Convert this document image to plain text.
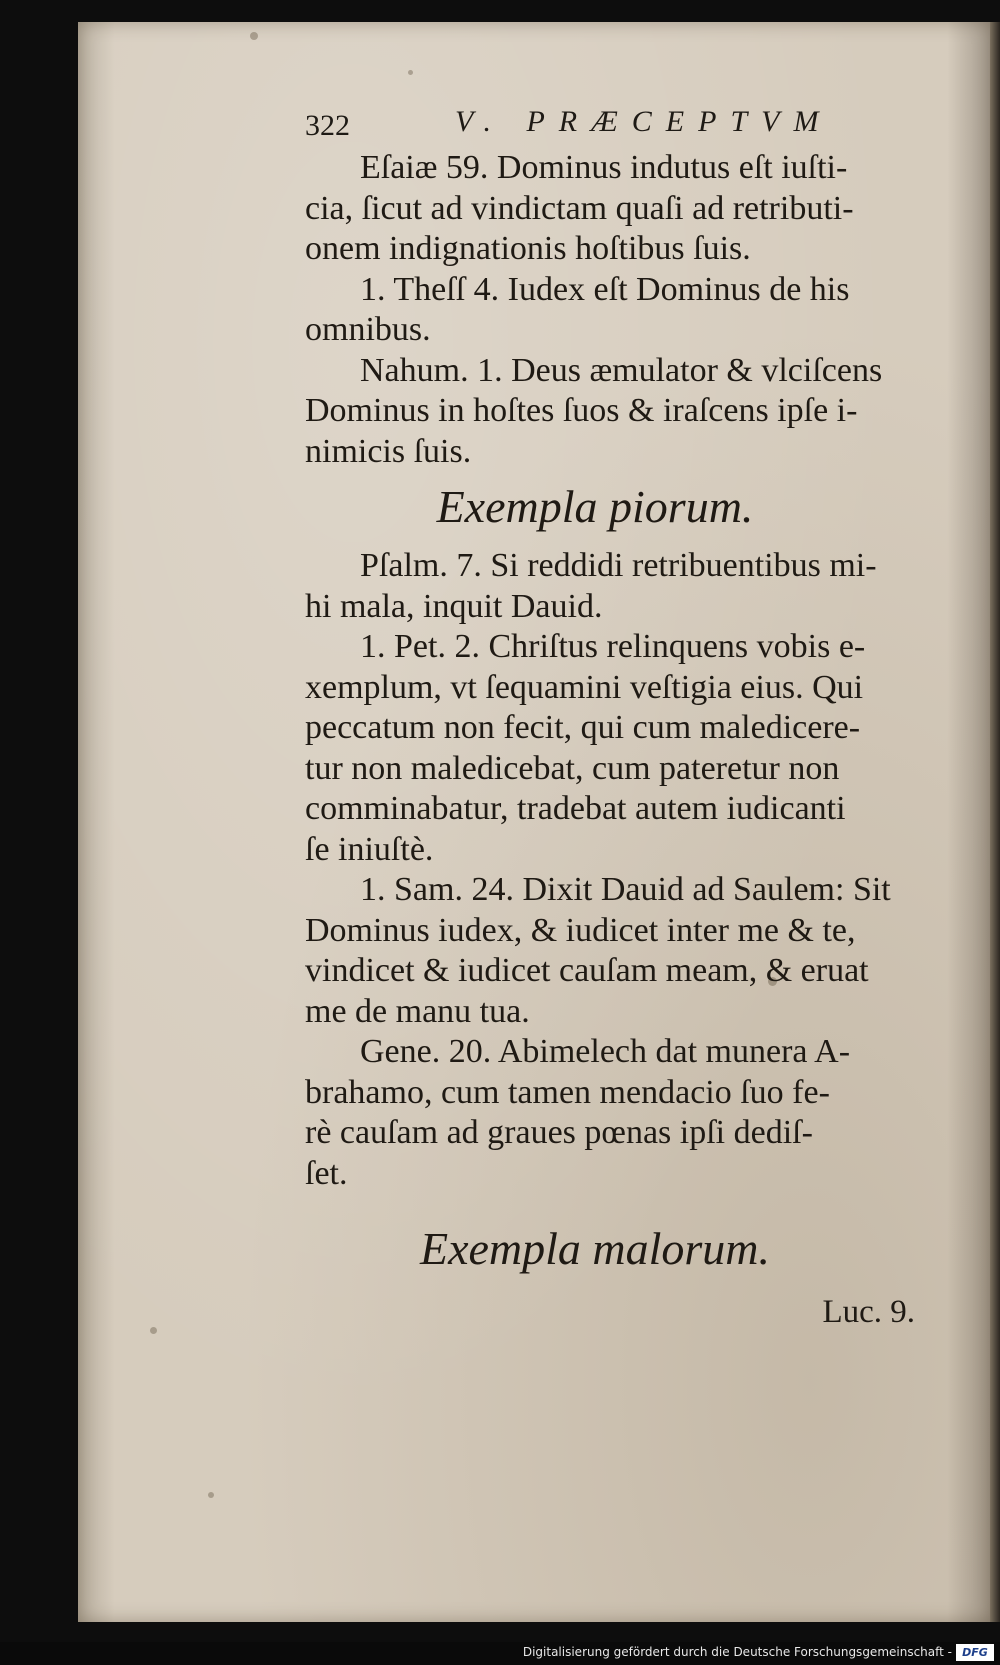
322	V. PRÆCEPTVM
Eſaiæ 59. Dominus indutus eſt iuſti-
cia, ſicut ad vindictam quaſi ad retributi-
onem indignationis hoſtibus ſuis.
1. Theſſ 4. Iudex eſt Dominus de his
omnibus.
Nahum. 1. Deus æmulator & vlciſcens
Dominus in hoſtes ſuos & iraſcens ipſe i-
nimicis ſuis.
Exempla piorum.
Pſalm. 7. Si reddidi retribuentibus mi-
hi mala, inquit Dauid.
1. Pet. 2. Chriſtus relinquens vobis e-
xemplum, vt ſequamini veſtigia eius. Qui
peccatum non fecit, qui cum maledicere-
tur non maledicebat, cum pateretur non
comminabatur, tradebat autem iudicanti
ſe iniuſtè.
1. Sam. 24. Dixit Dauid ad Saulem: Sit
Dominus iudex, & iudicet inter me & te,
vindicet & iudicet cauſam meam, & eruat
me de manu tua.
Gene. 20. Abimelech dat munera A-
brahamo, cum tamen mendacio ſuo fe-
rè cauſam ad graues pœnas ipſi dediſ-
ſet.
Exempla malorum.
Luc. 9.
Digitalisierung gefördert durch die Deutsche Forschungsgemeinschaft - DFG
